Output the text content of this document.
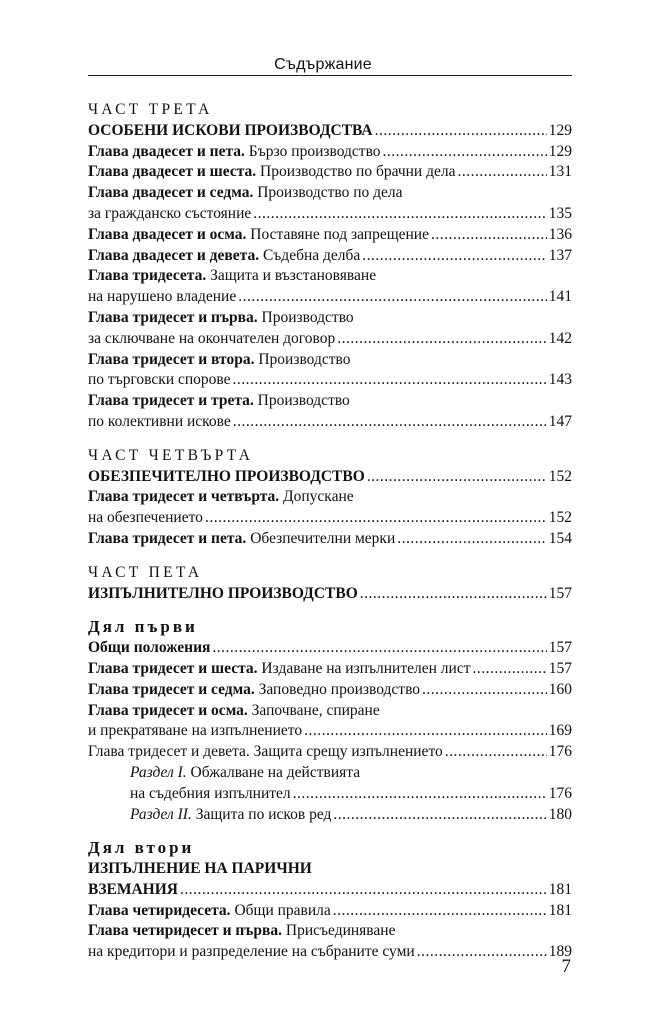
Съдържание
ЧАСТ ТРЕТА
ОСОБЕНИ ИСКОВИ ПРОИЗВОДСТВА .....	129
Глава двадесет и пета. Бързо производство .....	129
Глава двадесет и шеста. Производство по брачни дела .....	131
Глава двадесет и седма. Производство по дела
за гражданско състояние .....	135
Глава двадесет и осма. Поставяне под запрещение .....	136
Глава двадесет и девета. Съдебна делба .....	137
Глава тридесета. Защита и възстановяване
на нарушено владение .....	141
Глава тридесет и първа. Производство
за сключване на окончателен договор .....	142
Глава тридесет и втора. Производство
по търговски спорове .....	143
Глава тридесет и трета. Производство
по колективни искове .....	147
ЧАСТ ЧЕТВЪРТА
ОБЕЗПЕЧИТЕЛНО ПРОИЗВОДСТВО .....	152
Глава тридесет и четвърта. Допускане
на обезпечението .....	152
Глава тридесет и пета. Обезпечителни мерки .....	154
ЧАСТ ПЕТА
ИЗПЪЛНИТЕЛНО ПРОИЗВОДСТВО .....	157
Дял първи
Общи положения .....	157
Глава тридесет и шеста. Издаване на изпълнителен лист .....	157
Глава тридесет и седма. Заповедно производство .....	160
Глава тридесет и осма. Започване, спиране
и прекратяване на изпълнението .....	169
Глава тридесет и девета. Защита срещу изпълнението .....	176
Раздел I. Обжалване на действията
на съдебния изпълнител .....	176
Раздел II. Защита по исков ред .....	180
Дял втори
ИЗПЪЛНЕНИЕ НА ПАРИЧНИ
ВЗЕМАНИЯ .....	181
Глава четиридесета. Общи правила .....	181
Глава четиридесет и първа. Присъединяване
на кредитори и разпределение на събраните суми .....	189
7
